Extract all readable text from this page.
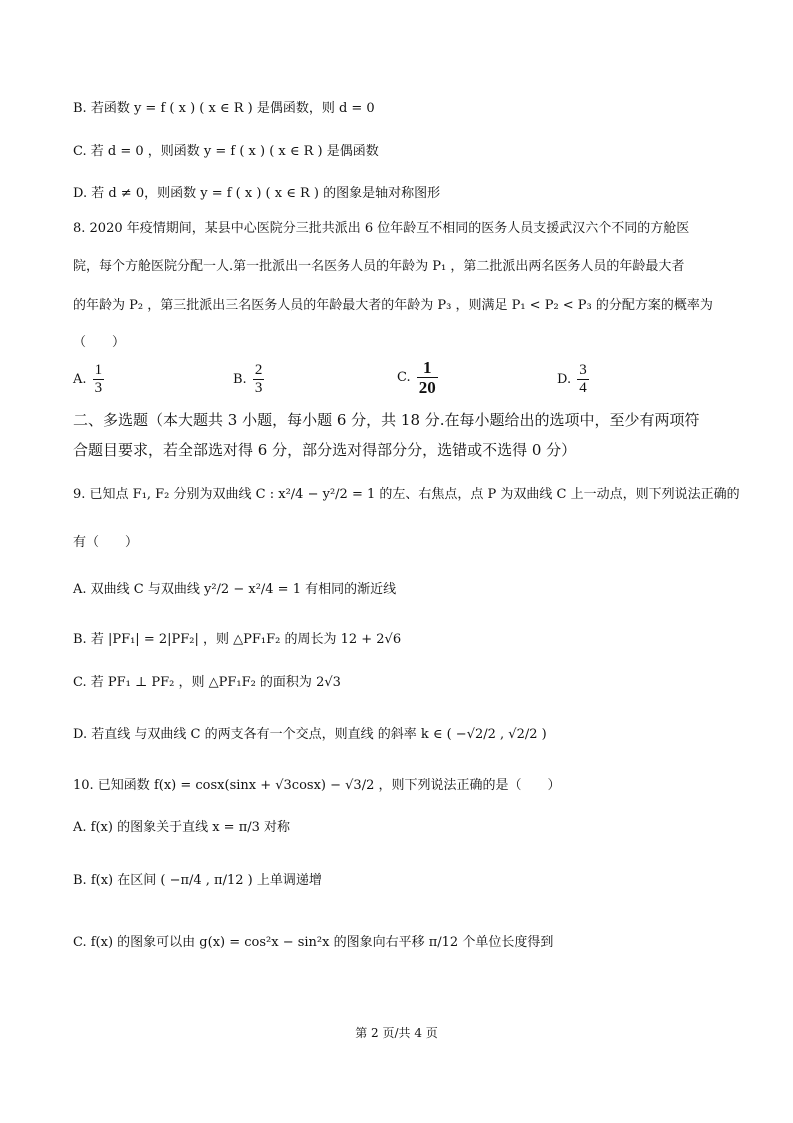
B. 若函数 y = f ( x ) ( x ∈ R ) 是偶函数，则 d = 0
C. 若 d = 0 ，则函数 y = f ( x ) ( x ∈ R ) 是偶函数
D. 若 d ≠ 0，则函数 y = f ( x ) ( x ∈ R ) 的图象是轴对称图形
8. 2020 年疫情期间，某县中心医院分三批共派出 6 位年龄互不相同的医务人员支援武汉六个不同的方舱医
院，每个方舱医院分配一人.第一批派出一名医务人员的年龄为 P₁ ，第二批派出两名医务人员的年龄最大者
的年龄为 P₂ ，第三批派出三名医务人员的年龄最大者的年龄为 P₃ ，则满足 P₁ < P₂ < P₃ 的分配方案的概率为
（　　）
A. $\frac{1}{3}$	B. $\frac{2}{3}$	C. $\frac{1}{20}$	D. $\frac{3}{4}$
二、多选题（本大题共 3 小题，每小题 6 分，共 18 分.在每小题给出的选项中，至少有两项符
合题目要求，若全部选对得 6 分，部分选对得部分分，选错或不选得 0 分）
9. 已知点 F₁, F₂ 分别为双曲线 C : x²/4 − y²/2 = 1 的左、右焦点，点 P 为双曲线 C 上一动点，则下列说法正确的
有（　　）
A. 双曲线 C 与双曲线 y²/2 − x²/4 = 1 有相同的渐近线
B. 若 |PF₁| = 2|PF₂| ，则 △PF₁F₂ 的周长为 12 + 2√6
C. 若 PF₁ ⊥ PF₂ ，则 △PF₁F₂ 的面积为 2√3
D. 若直线 与双曲线 C 的两支各有一个交点，则直线 的斜率 k ∈ ( −√2/2 , √2/2 )
10. 已知函数 f(x) = cosx(sinx + √3cosx) − √3/2 ，则下列说法正确的是（　　）
A. f(x) 的图象关于直线 x = π/3 对称
B. f(x) 在区间 ( −π/4 , π/12 ) 上单调递增
C. f(x) 的图象可以由 g(x) = cos²x − sin²x 的图象向右平移 π/12 个单位长度得到
第 2 页/共 4 页
